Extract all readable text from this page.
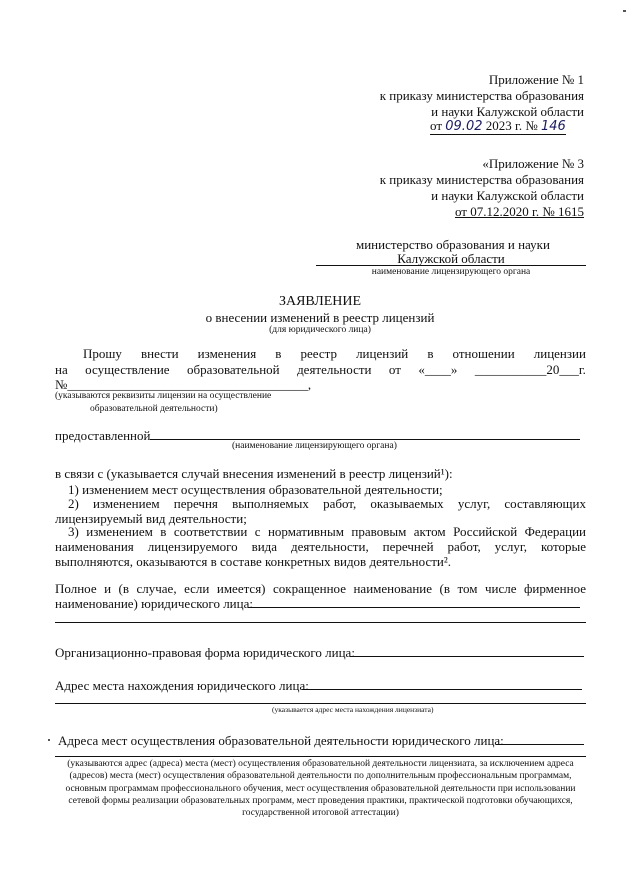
Приложение № 1
к приказу министерства образования
и науки Калужской области
от 09.02 2023 г. № 146
«Приложение № 3
к приказу министерства образования
и науки Калужской области
от 07.12.2020 г. № 1615
министерство образования и науки
Калужской области
наименование лицензирующего органа
ЗАЯВЛЕНИЕ
о внесении изменений в реестр лицензий
(для юридического лица)
Прошу внести изменения в реестр лицензий в отношении лицензии
на осуществление образовательной деятельности от «____» ___________20___г.
№_____________________________________,
(указываются реквизиты лицензии на осуществление
образовательной деятельности)
предоставленной
(наименование лицензирующего органа)
в связи с (указывается случай внесения изменений в реестр лицензий¹):
1) изменением мест осуществления образовательной деятельности;
2) изменением перечня выполняемых работ, оказываемых услуг, составляющих лицензируемый вид деятельности;
3) изменением в соответствии с нормативным правовым актом Российской Федерации наименования лицензируемого вида деятельности, перечней работ, услуг, которые выполняются, оказываются в составе конкретных видов деятельности².
Полное и (в случае, если имеется) сокращенное наименование (в том числе фирменное наименование) юридического лица:
Организационно-правовая форма юридического лица:
Адрес места нахождения юридического лица:
(указывается адрес места нахождения лицензиата)
Адреса мест осуществления образовательной деятельности юридического лица:
(указываются адрес (адреса) места (мест) осуществления образовательной деятельности лицензиата, за исключением адреса (адресов) места (мест) осуществления образовательной деятельности по дополнительным профессиональным программам, основным программам профессионального обучения, мест осуществления образовательной деятельности при использовании сетевой формы реализации образовательных программ, мест проведения практики, практической подготовки обучающихся, государственной итоговой аттестации)
